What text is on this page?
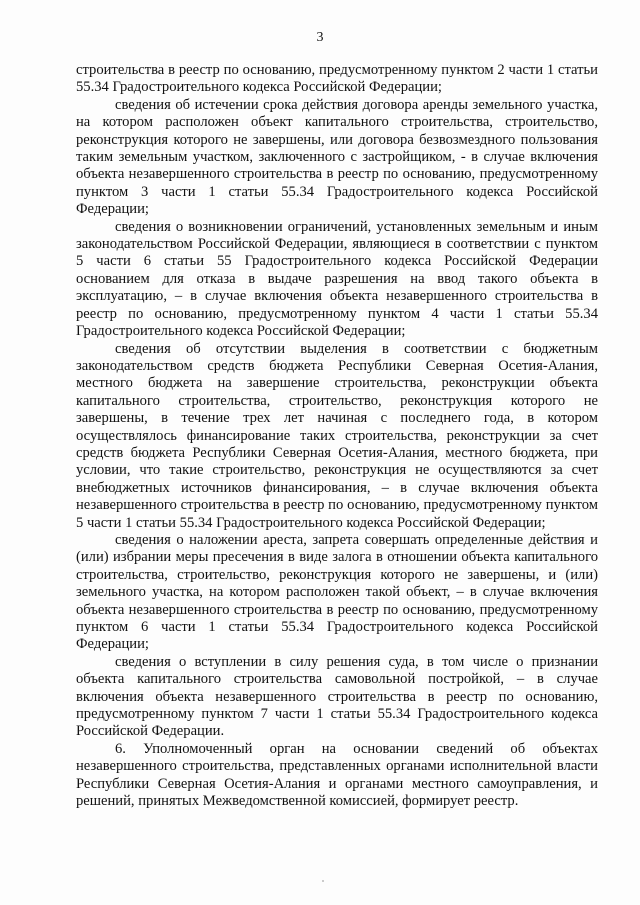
3

строительства в реестр по основанию, предусмотренному пунктом 2 части 1 статьи 55.34 Градостроительного кодекса Российской Федерации;

сведения об истечении срока действия договора аренды земельного участка, на котором расположен объект капитального строительства, строительство, реконструкция которого не завершены, или договора безвозмездного пользования таким земельным участком, заключенного с застройщиком, - в случае включения объекта незавершенного строительства в реестр по основанию, предусмотренному пунктом 3 части 1 статьи 55.34 Градостроительного кодекса Российской Федерации;

сведения о возникновении ограничений, установленных земельным и иным законодательством Российской Федерации, являющиеся в соответствии с пунктом 5 части 6 статьи 55 Градостроительного кодекса Российской Федерации основанием для отказа в выдаче разрешения на ввод такого объекта в эксплуатацию, – в случае включения объекта незавершенного строительства в реестр по основанию, предусмотренному пунктом 4 части 1 статьи 55.34 Градостроительного кодекса Российской Федерации;

сведения об отсутствии выделения в соответствии с бюджетным законодательством средств бюджета Республики Северная Осетия-Алания, местного бюджета на завершение строительства, реконструкции объекта капитального строительства, строительство, реконструкция которого не завершены, в течение трех лет начиная с последнего года, в котором осуществлялось финансирование таких строительства, реконструкции за счет средств бюджета Республики Северная Осетия-Алания, местного бюджета, при условии, что такие строительство, реконструкция не осуществляются за счет внебюджетных источников финансирования, – в случае включения объекта незавершенного строительства в реестр по основанию, предусмотренному пунктом 5 части 1 статьи 55.34 Градостроительного кодекса Российской Федерации;

сведения о наложении ареста, запрета совершать определенные действия и (или) избрании меры пресечения в виде залога в отношении объекта капитального строительства, строительство, реконструкция которого не завершены, и (или) земельного участка, на котором расположен такой объект, – в случае включения объекта незавершенного строительства в реестр по основанию, предусмотренному пунктом 6 части 1 статьи 55.34 Градостроительного кодекса Российской Федерации;

сведения о вступлении в силу решения суда, в том числе о признании объекта капитального строительства самовольной постройкой, – в случае включения объекта незавершенного строительства в реестр по основанию, предусмотренному пунктом 7 части 1 статьи 55.34 Градостроительного кодекса Российской Федерации.

6. Уполномоченный орган на основании сведений об объектах незавершенного строительства, представленных органами исполнительной власти Республики Северная Осетия-Алания и органами местного самоуправления, и решений, принятых Межведомственной комиссией, формирует реестр.
